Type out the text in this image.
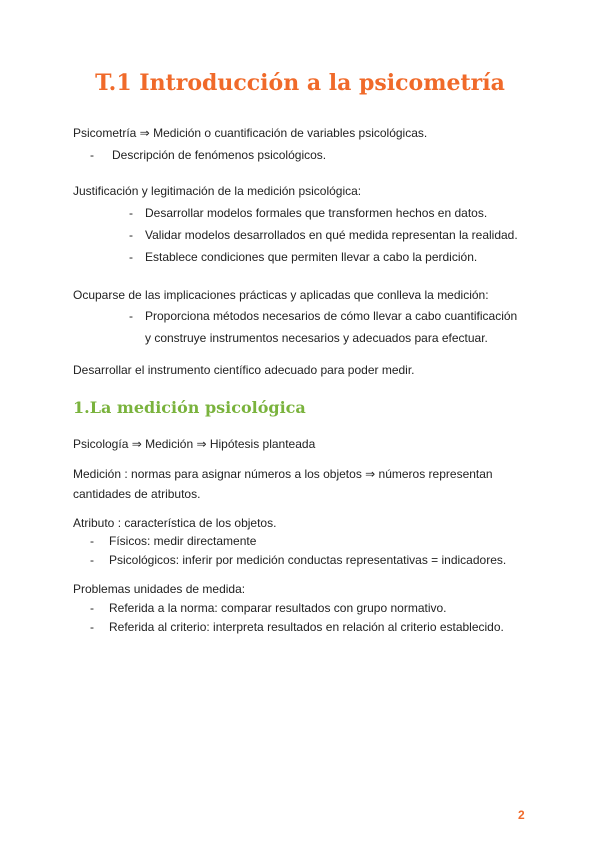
T.1 Introducción a la psicometría

Psicometría ⇒ Medición o cuantificación de variables psicológicas.

- Descripción de fenómenos psicológicos.

Justificación y legitimación de la medición psicológica:

- Desarrollar modelos formales que transformen hechos en datos.
- Validar modelos desarrollados en qué medida representan la realidad.
- Establece condiciones que permiten llevar a cabo la perdición.

Ocuparse de las implicaciones prácticas y aplicadas que conlleva la medición:

- Proporciona métodos necesarios de cómo llevar a cabo cuantificación
y construye instrumentos necesarios y adecuados para efectuar.

Desarrollar el instrumento científico adecuado para poder medir.

1.La medición psicológica

Psicología ⇒ Medición ⇒ Hipótesis planteada

Medición : normas para asignar números a los objetos ⇒ números representan

cantidades de atributos.

Atributo : característica de los objetos.

- Físicos: medir directamente
- Psicológicos: inferir por medición conductas representativas = indicadores.

Problemas unidades de medida:

- Referida a la norma: comparar resultados con grupo normativo.
- Referida al criterio: interpreta resultados en relación al criterio establecido.
2
